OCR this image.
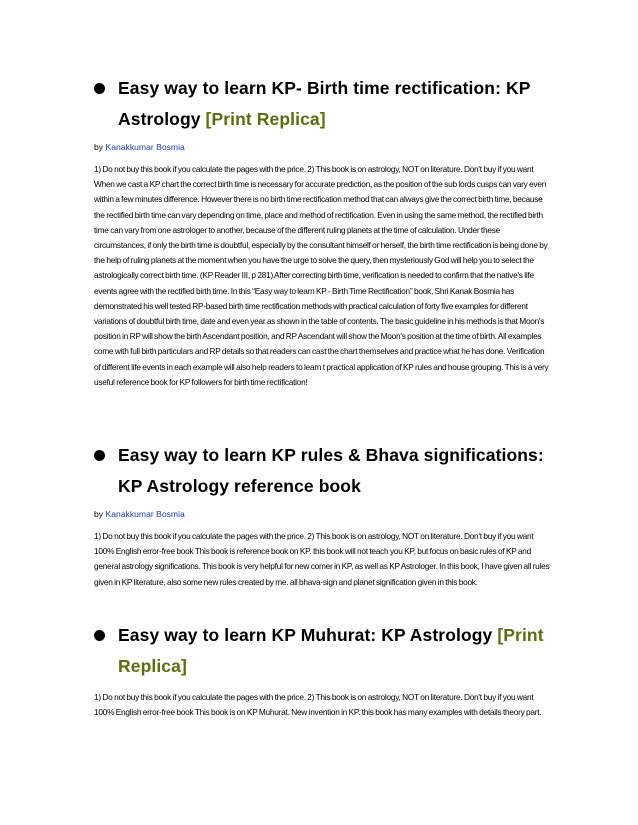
Easy way to learn KP- Birth time rectification: KP Astrology [Print Replica]
by Kanakkumar Bosmia

1) Do not buy this book if you calculate the pages with the price. 2) This book is on astrology, NOT on literature. Don't buy if you want When we cast a KP chart the correct birth time is necessary for accurate prediction, as the position of the sub lords cusps can vary even within a few minutes difference. However there is no birth time rectification method that can always give the correct birth time, because the rectified birth time can vary depending on time, place and method of rectification. Even in using the same method, the rectified birth time can vary from one astrologer to another, because of the different ruling planets at the time of calculation. Under these circumstances, if only the birth time is doubtful, especially by the consultant himself or herself, the birth time rectification is being done by the help of ruling planets at the moment when you have the urge to solve the query, then mysteriously God will help you to select the astrologically correct birth time. (KP Reader III, p 281) After correcting birth time, verification is needed to confirm that the native's life events agree with the rectified birth time. In this “Easy way to learn KP - Birth Time Rectification” book, Shri Kanak Bosmia has demonstrated his well tested RP-based birth time rectification methods with practical calculation of forty five examples for different variations of doubtful birth time, date and even year as shown in the table of contents. The basic guideline in his methods is that Moon's position in RP will show the birth Ascendant position, and RP Ascendant will show the Moon's position at the time of birth. All examples come with full birth particulars and RP details so that readers can cast the chart themselves and practice what he has done. Verification of different life events in each example will also help readers to learn t practical application of KP rules and house grouping. This is a very useful reference book for KP followers for birth time rectification!

Easy way to learn KP rules & Bhava significations: KP Astrology reference book
by Kanakkumar Bosmia

1) Do not buy this book if you calculate the pages with the price. 2) This book is on astrology, NOT on literature. Don't buy if you want 100% English error-free book This book is reference book on KP. this book will not teach you KP, but focus on basic rules of KP and general astrology significations. This book is very helpful for new comer in KP, as well as KP Astrologer. In this book, I have given all rules given in KP literature, also some new rules created by me. all bhava-sign and planet signification given in this book.

Easy way to learn KP Muhurat: KP Astrology [Print Replica]

1) Do not buy this book if you calculate the pages with the price. 2) This book is on astrology, NOT on literature. Don't buy if you want 100% English error-free book This book is on KP Muhurat. New invention in KP. this book has many examples with details theory part.
